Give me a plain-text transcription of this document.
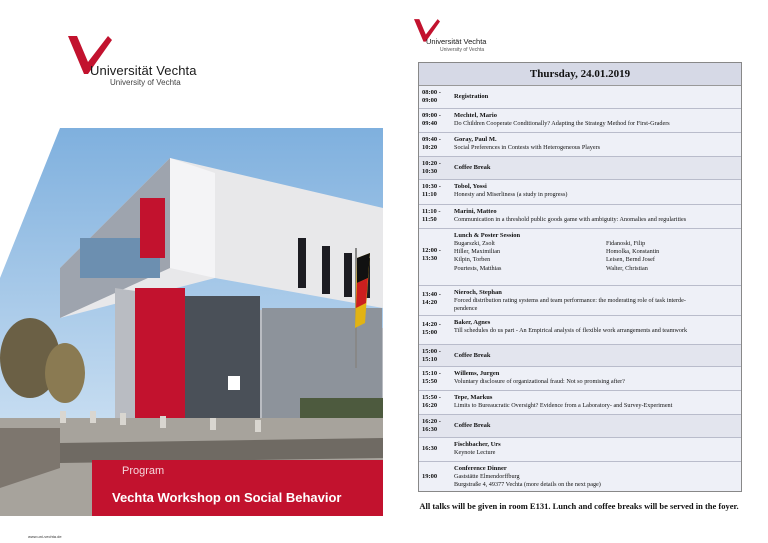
Universität Vechta
University of Vechta
Program
Vechta Workshop on Social Behavior
www.uni-vechta.de
Universität Vechta
University of Vechta
Thursday, 24.01.2019
08:00 - 09:00
Registration
09:00 - 09:40
Mechtel, Mario
Do Children Cooperate Conditionally? Adapting the Strategy Method for First-Graders
09:40 - 10:20
Goray, Paul M.
Social Preferences in Contests with Heterogeneous Players
10:20 - 10:30
Coffee Break
10:30 - 11:10
Tobol, Yossi
Honesty and Miserliness (a study in progress)
11:10 - 11:50
Marini, Matteo
Communication in a threshold public goods game with ambiguity: Anomalies and regularities
12:00 - 13:30
Lunch & Poster Session
Bugarszki, Zsolt
Hiller, Maximilian
Kilpin, Torben
Pourtests, Matthias
Fidanoski, Filip
Homolka, Konstantin
Leisen, Bernd Josef
Walter, Christian
13:40 - 14:20
Nieroch, Stephan
Forced distribution rating systems and team performance: the moderating role of task interde-
pendence
14:20 - 15:00
Baker, Agnes
Till schedules do us part - An Empirical analysis of flexible work arrangements and teamwork
15:00 - 15:10
Coffee Break
15:10 - 15:50
Willems, Jurgen
Voluntary disclosure of organizational fraud: Not so promising after?
15:50 - 16:20
Tepe, Markus
Limits to Bureaucratic Oversight? Evidence from a Laboratory- and Survey-Experiment
16:20 - 16:30
Coffee Break
16:30
Fischbacher, Urs
Keynote Lecture
19:00
Conference Dinner
Gaststätte Elmendorffburg
Burgstraße 4, 49377 Vechta (more details on the next page)
All talks will be given in room E131. Lunch and coffee breaks will be served in the foyer.
